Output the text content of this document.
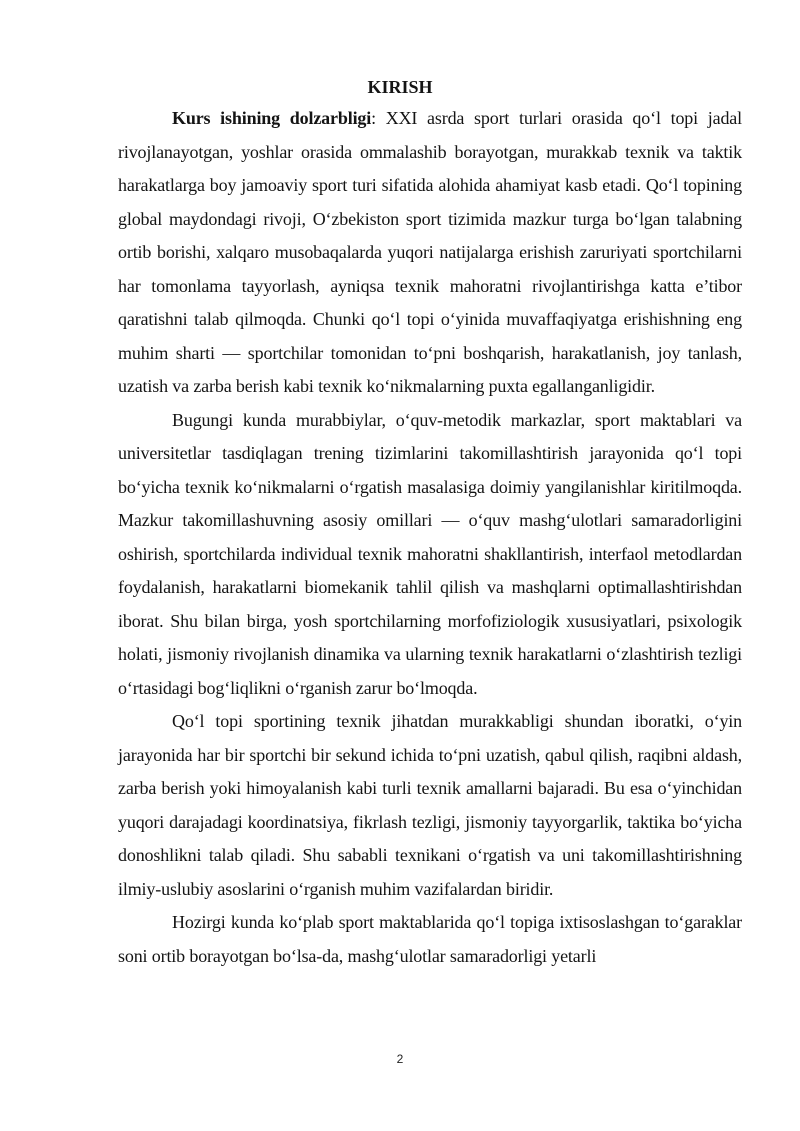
KIRISH

Kurs ishining dolzarbligi: XXI asrda sport turlari orasida qo‘l topi jadal rivojlanayotgan, yoshlar orasida ommalashib borayotgan, murakkab texnik va taktik harakatlarga boy jamoaviy sport turi sifatida alohida ahamiyat kasb etadi. Qo‘l topining global maydondagi rivoji, O‘zbekiston sport tizimida mazkur turga bo‘lgan talabning ortib borishi, xalqaro musobaqalarda yuqori natijalarga erishish zaruriyati sportchilarni har tomonlama tayyorlash, ayniqsa texnik mahoratni rivojlantirishga katta e’tibor qaratishni talab qilmoqda. Chunki qo‘l topi o‘yinida muvaffaqiyatga erishishning eng muhim sharti — sportchilar tomonidan to‘pni boshqarish, harakatlanish, joy tanlash, uzatish va zarba berish kabi texnik ko‘nikmalarning puxta egallanganligidir.

Bugungi kunda murabbiylar, o‘quv-metodik markazlar, sport maktablari va universitetlar tasdiqlagan trening tizimlarini takomillashtirish jarayonida qo‘l topi bo‘yicha texnik ko‘nikmalarni o‘rgatish masalasiga doimiy yangilanishlar kiritilmoqda. Mazkur takomillashuvning asosiy omillari — o‘quv mashg‘ulotlari samaradorligini oshirish, sportchilarda individual texnik mahoratni shakllantirish, interfaol metodlardan foydalanish, harakatlarni biomekanik tahlil qilish va mashqlarni optimallashtirishdan iborat. Shu bilan birga, yosh sportchilarning morfofiziologik xususiyatlari, psixologik holati, jismoniy rivojlanish dinamika va ularning texnik harakatlarni o‘zlashtirish tezligi o‘rtasidagi bog‘liqlikni o‘rganish zarur bo‘lmoqda.

Qo‘l topi sportining texnik jihatdan murakkabligi shundan iboratki, o‘yin jarayonida har bir sportchi bir sekund ichida to‘pni uzatish, qabul qilish, raqibni aldash, zarba berish yoki himoyalanish kabi turli texnik amallarni bajaradi. Bu esa o‘yinchidan yuqori darajadagi koordinatsiya, fikrlash tezligi, jismoniy tayyorgarlik, taktika bo‘yicha donoshlikni talab qiladi. Shu sababli texnikani o‘rgatish va uni takomillashtirishning ilmiy-uslubiy asoslarini o‘rganish muhim vazifalardan biridir.

Hozirgi kunda ko‘plab sport maktablarida qo‘l topiga ixtisoslashgan to‘garaklar soni ortib borayotgan bo‘lsa-da, mashg‘ulotlar samaradorligi yetarli

2
